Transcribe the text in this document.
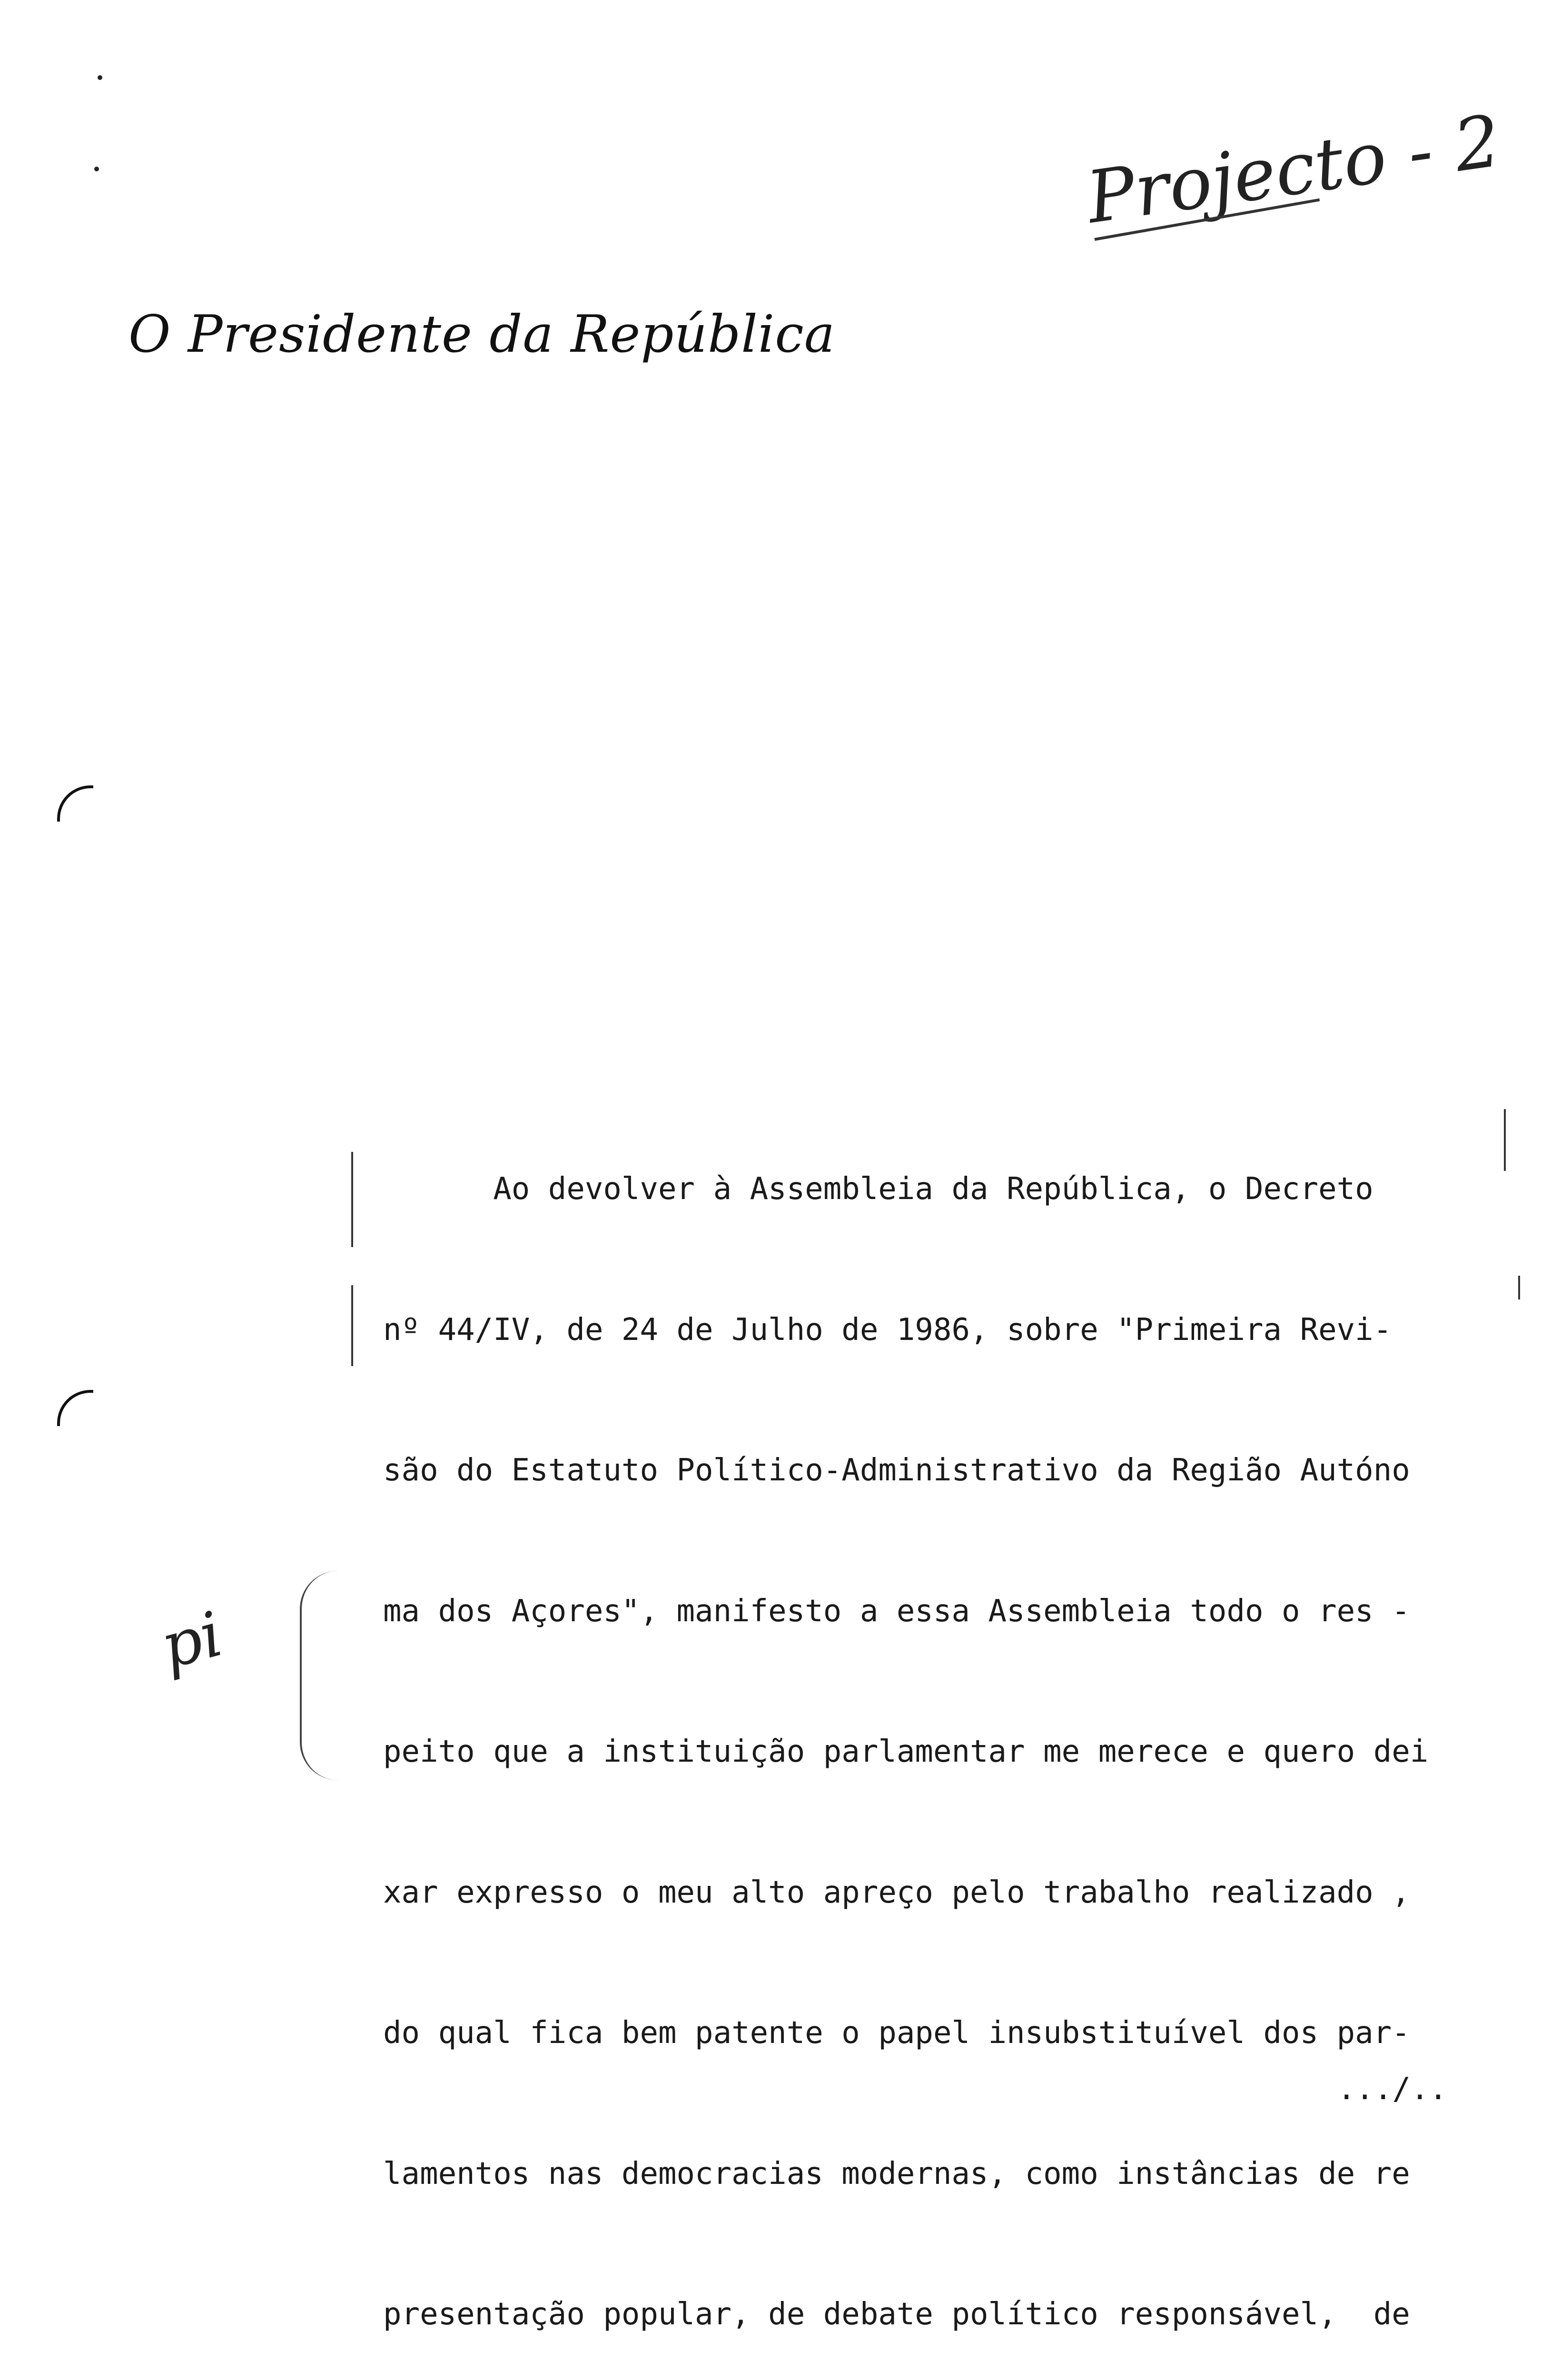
Projecto - 2
O Presidente da República
pi

Ao devolver à Assembleia da República, o Decreto

nº 44/IV, de 24 de Julho de 1986, sobre "Primeira Revi-

são do Estatuto Político-Administrativo da Região Autóno

ma dos Açores", manifesto a essa Assembleia todo o res -

peito que a instituição parlamentar me merece e quero dei

xar expresso o meu alto apreço pelo trabalho realizado ,

do qual fica bem patente o papel insubstituível dos par-

lamentos nas democracias modernas, como instâncias de re

presentação popular, de debate político responsável,  de

.../..
